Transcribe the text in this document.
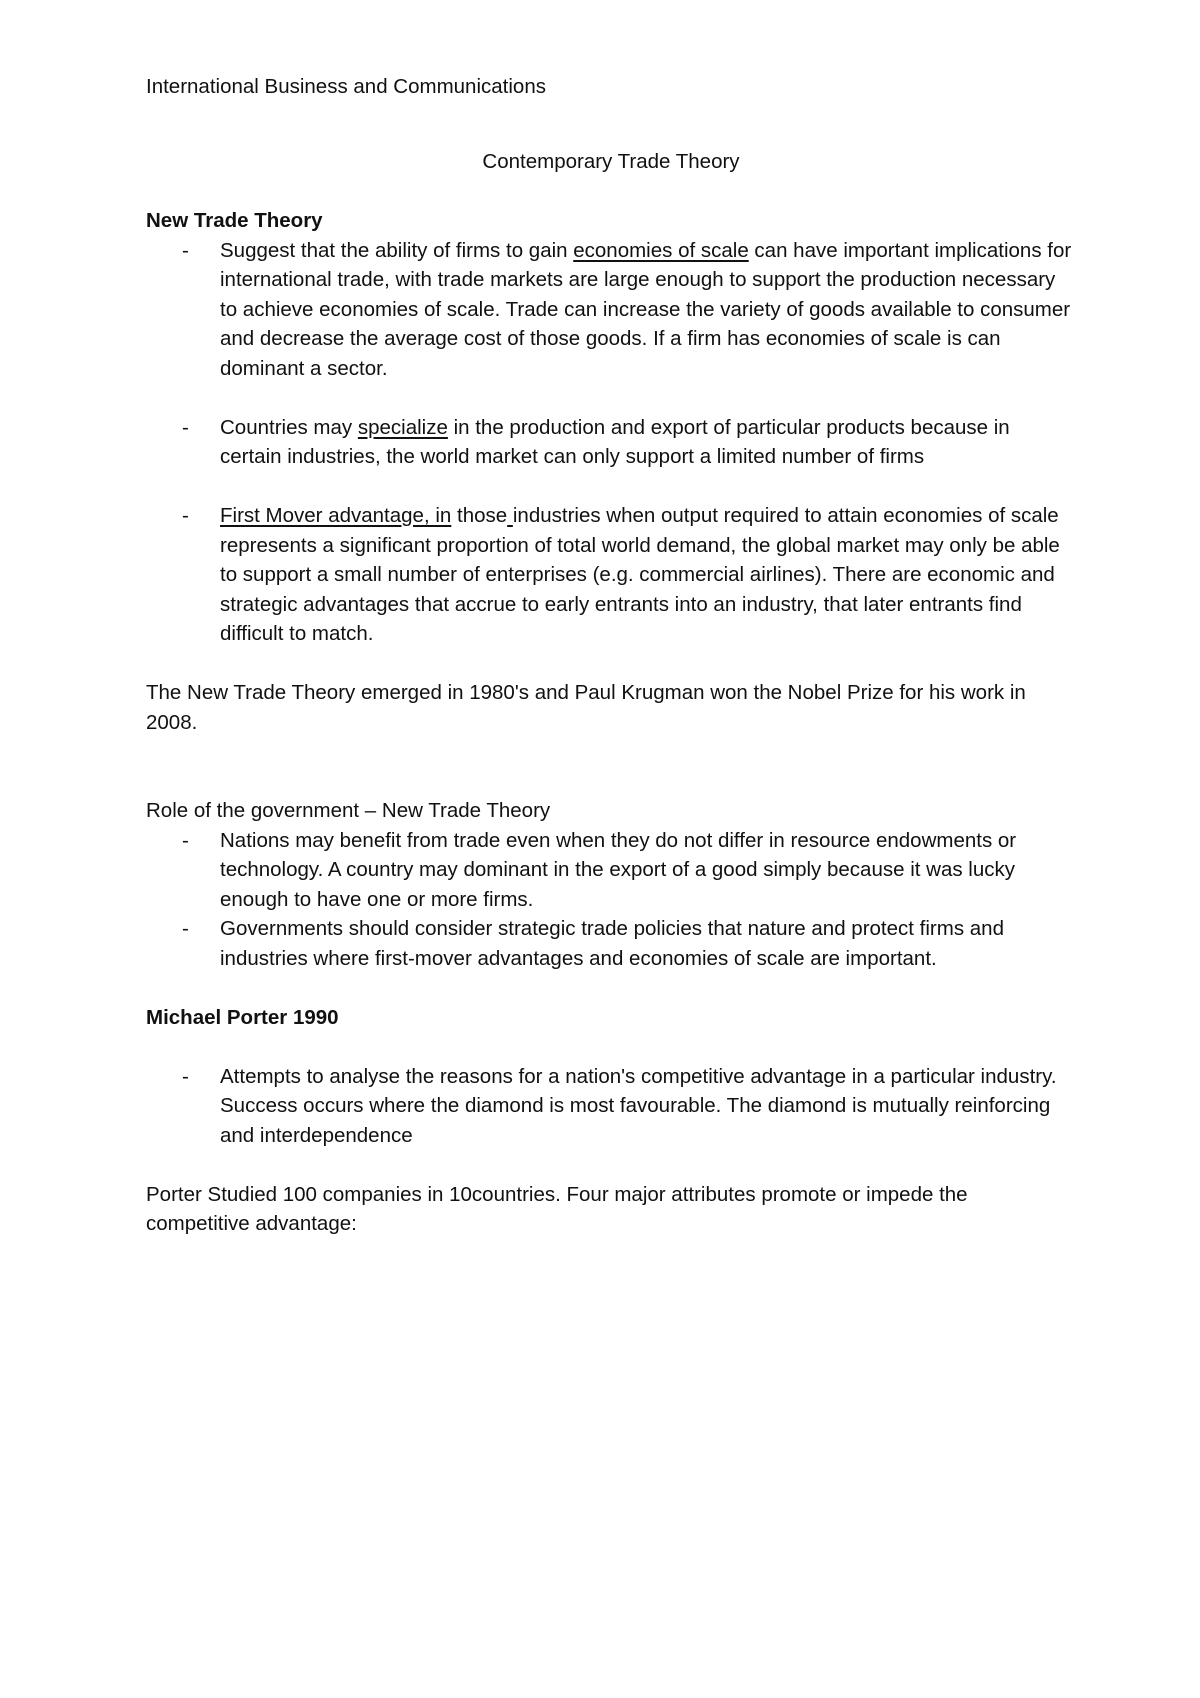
International Business and Communications

Contemporary Trade Theory

New Trade Theory

- Suggest that the ability of firms to gain economies of scale can have important implications for international trade, with trade markets are large enough to support the production necessary to achieve economies of scale. Trade can increase the variety of goods available to consumer and decrease the average cost of those goods. If a firm has economies of scale is can dominant a sector.
- Countries may specialize in the production and export of particular products because in certain industries, the world market can only support a limited number of firms
- First Mover advantage, in those industries when output required to attain economies of scale represents a significant proportion of total world demand, the global market may only be able to support a small number of enterprises (e.g. commercial airlines). There are economic and strategic advantages that accrue to early entrants into an industry, that later entrants find difficult to match.

The New Trade Theory emerged in 1980's and Paul Krugman won the Nobel Prize for his work in 2008.

Role of the government – New Trade Theory

- Nations may benefit from trade even when they do not differ in resource endowments or technology. A country may dominant in the export of a good simply because it was lucky enough to have one or more firms.
- Governments should consider strategic trade policies that nature and protect firms and industries where first-mover advantages and economies of scale are important.

Michael Porter 1990

- Attempts to analyse the reasons for a nation's competitive advantage in a particular industry. Success occurs where the diamond is most favourable. The diamond is mutually reinforcing and interdependence

Porter Studied 100 companies in 10countries. Four major attributes promote or impede the competitive advantage:
